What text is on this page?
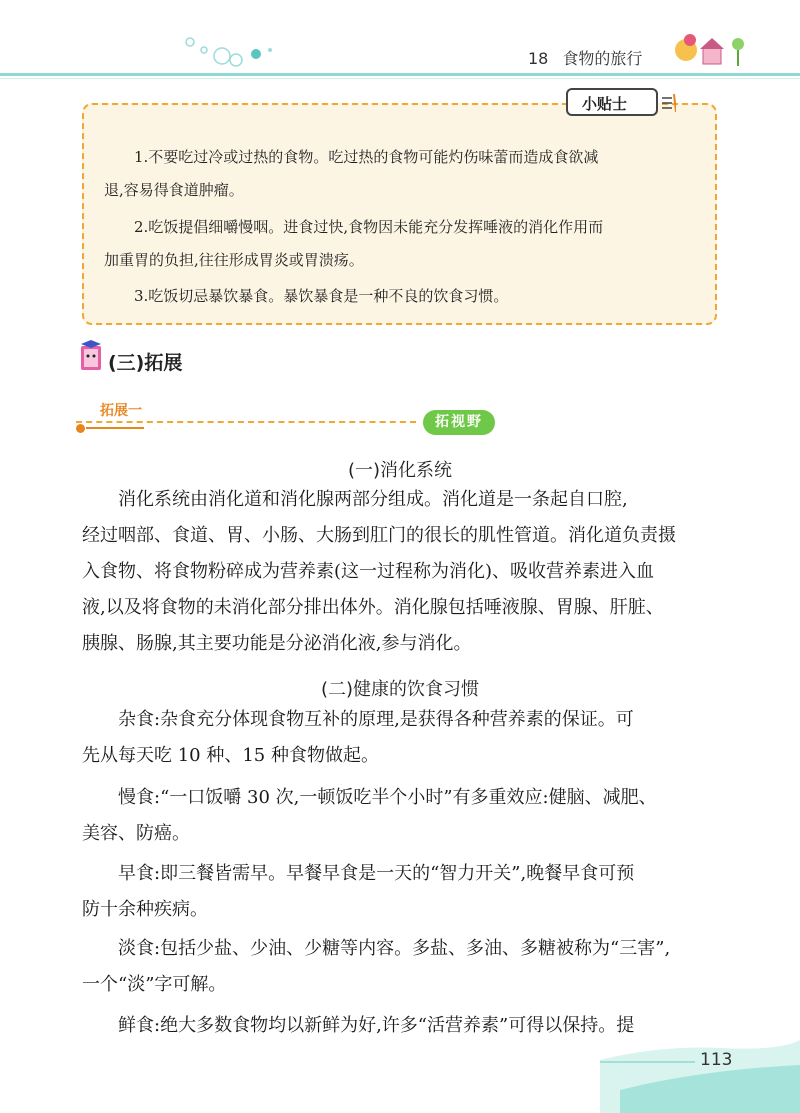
18 食物的旅行
小贴士

1.不要吃过冷或过热的食物。吃过热的食物可能灼伤味蕾而造成食欲减

退,容易得食道肿瘤。

2.吃饭提倡细嚼慢咽。进食过快,食物因未能充分发挥唾液的消化作用而

加重胃的负担,往往形成胃炎或胃溃疡。

3.吃饭切忌暴饮暴食。暴饮暴食是一种不良的饮食习惯。

(三)拓展
拓展一
拓视野
(一)消化系统

消化系统由消化道和消化腺两部分组成。消化道是一条起自口腔,

经过咽部、食道、胃、小肠、大肠到肛门的很长的肌性管道。消化道负责摄

入食物、将食物粉碎成为营养素(这一过程称为消化)、吸收营养素进入血

液,以及将食物的未消化部分排出体外。消化腺包括唾液腺、胃腺、肝脏、

胰腺、肠腺,其主要功能是分泌消化液,参与消化。

(二)健康的饮食习惯

杂食:杂食充分体现食物互补的原理,是获得各种营养素的保证。可

先从每天吃 10 种、15 种食物做起。

慢食:“一口饭嚼 30 次,一顿饭吃半个小时”有多重效应:健脑、减肥、

美容、防癌。

早食:即三餐皆需早。早餐早食是一天的“智力开关”,晚餐早食可预

防十余种疾病。

淡食:包括少盐、少油、少糖等内容。多盐、多油、多糖被称为“三害”,

一个“淡”字可解。

鲜食:绝大多数食物均以新鲜为好,许多“活营养素”可得以保持。提

113
